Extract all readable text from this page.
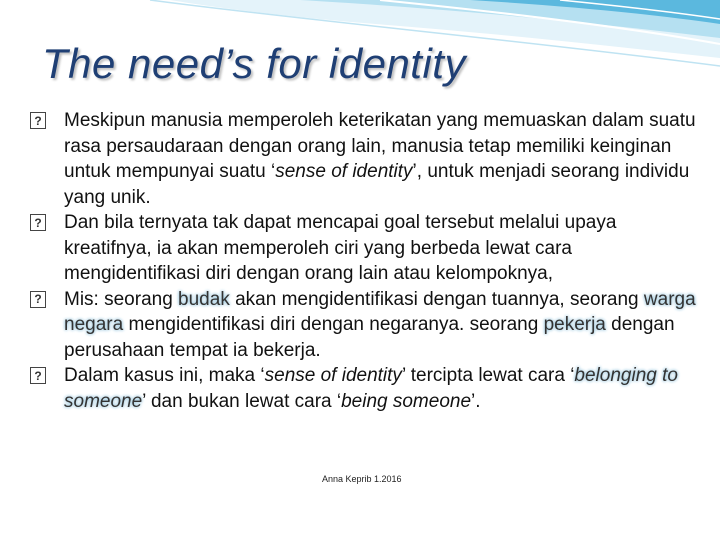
The need’s for identity

?
Meskipun manusia memperoleh keterikatan yang memuaskan dalam suatu rasa persaudaraan dengan orang lain, manusia tetap memiliki keinginan untuk mempunyai suatu ‘sense of identity’, untuk menjadi seorang individu yang unik.

?
Dan bila ternyata tak dapat mencapai goal tersebut melalui upaya kreatifnya, ia akan memperoleh ciri yang berbeda lewat cara mengidentifikasi diri dengan orang lain atau kelompoknya,

?
Mis: seorang budak akan mengidentifikasi dengan tuannya, seorang warga negara mengidentifikasi diri dengan negaranya. seorang pekerja dengan perusahaan tempat ia bekerja.

?
Dalam kasus ini, maka ‘sense of identity’ tercipta lewat cara ‘belonging to someone’ dan bukan lewat cara ‘being someone’.

Anna Keprib 1.2016
